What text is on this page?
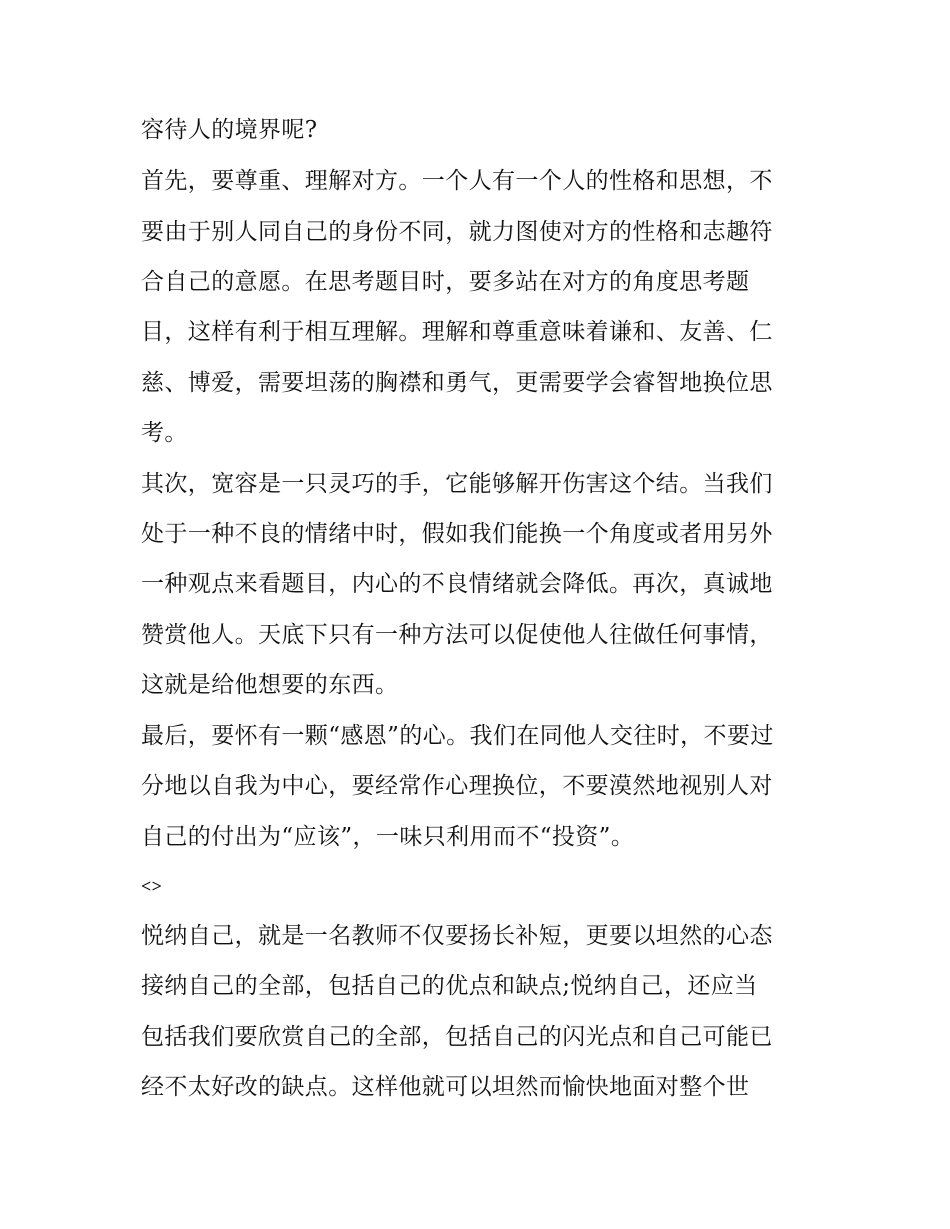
容待人的境界呢?
首先，要尊重、理解对方。一个人有一个人的性格和思想，不
要由于别人同自己的身份不同，就力图使对方的性格和志趣符
合自己的意愿。在思考题目时，要多站在对方的角度思考题
目，这样有利于相互理解。理解和尊重意味着谦和、友善、仁
慈、博爱，需要坦荡的胸襟和勇气，更需要学会睿智地换位思
考。
其次，宽容是一只灵巧的手，它能够解开伤害这个结。当我们
处于一种不良的情绪中时，假如我们能换一个角度或者用另外
一种观点来看题目，内心的不良情绪就会降低。再次，真诚地
赞赏他人。天底下只有一种方法可以促使他人往做任何事情，
这就是给他想要的东西。
最后，要怀有一颗“感恩”的心。我们在同他人交往时，不要过
分地以自我为中心，要经常作心理换位，不要漠然地视别人对
自己的付出为“应该”，一味只利用而不“投资”。
<>
悦纳自己，就是一名教师不仅要扬长补短，更要以坦然的心态
接纳自己的全部，包括自己的优点和缺点;悦纳自己，还应当
包括我们要欣赏自己的全部，包括自己的闪光点和自己可能已
经不太好改的缺点。这样他就可以坦然而愉快地面对整个世
